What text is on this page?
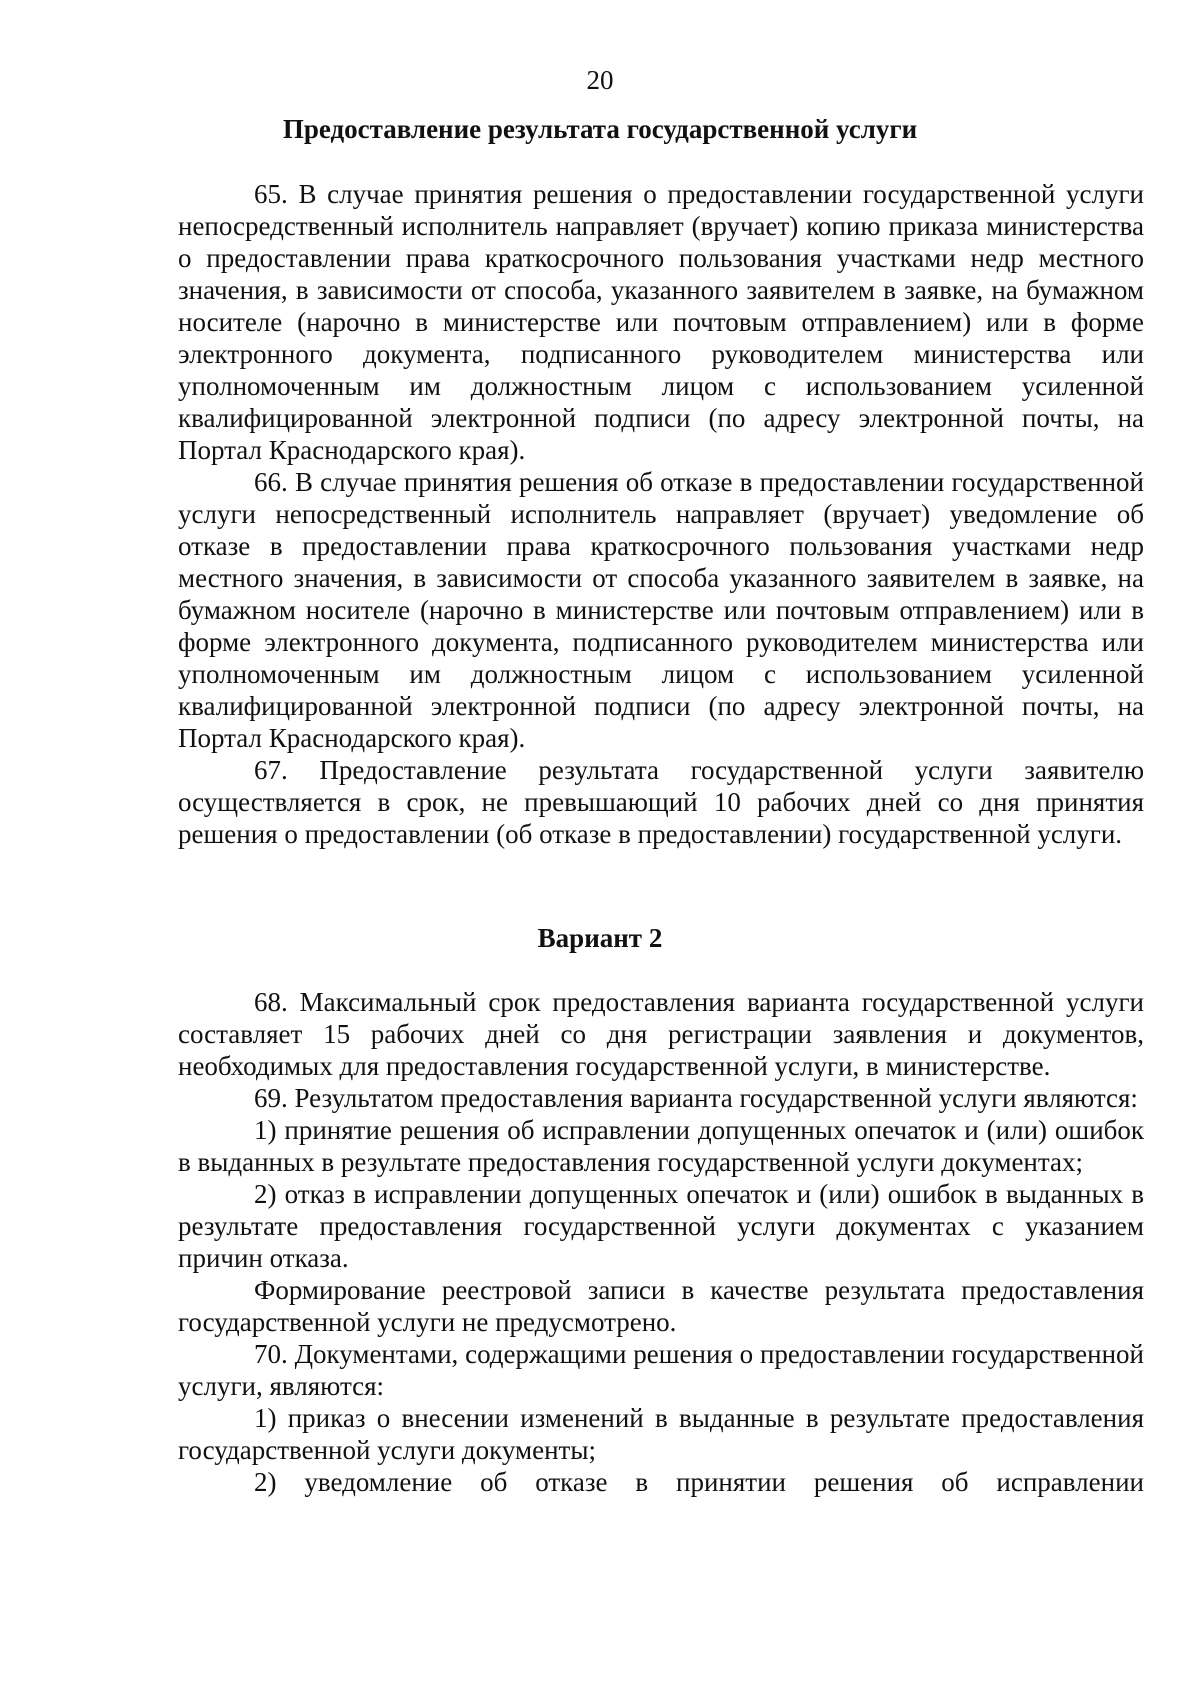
20
Предоставление результата государственной услуги

65. В случае принятия решения о предоставлении государственной услуги непосредственный исполнитель направляет (вручает) копию приказа министерства о предоставлении права краткосрочного пользования участками недр местного значения, в зависимости от способа, указанного заявителем в заявке, на бумажном носителе (нарочно в министерстве или почтовым отправлением) или в форме электронного документа, подписанного руководителем министерства или уполномоченным им должностным лицом с использованием усиленной квалифицированной электронной подписи (по адресу электронной почты, на Портал Краснодарского края).

66. В случае принятия решения об отказе в предоставлении государственной услуги непосредственный исполнитель направляет (вручает) уведомление об отказе в предоставлении права краткосрочного пользования участками недр местного значения, в зависимости от способа указанного заявителем в заявке, на бумажном носителе (нарочно в министерстве или почтовым отправлением) или в форме электронного документа, подписанного руководителем министерства или уполномоченным им должностным лицом с использованием усиленной квалифицированной электронной подписи (по адресу электронной почты, на Портал Краснодарского края).

67. Предоставление результата государственной услуги заявителю осуществляется в срок, не превышающий 10 рабочих дней со дня принятия решения о предоставлении (об отказе в предоставлении) государственной услуги.

Вариант 2

68. Максимальный срок предоставления варианта государственной услуги составляет 15 рабочих дней со дня регистрации заявления и документов, необходимых для предоставления государственной услуги, в министерстве.

69. Результатом предоставления варианта государственной услуги являются:

1) принятие решения об исправлении допущенных опечаток и (или) ошибок в выданных в результате предоставления государственной услуги документах;

2) отказ в исправлении допущенных опечаток и (или) ошибок в выданных в результате предоставления государственной услуги документах с указанием причин отказа.

Формирование реестровой записи в качестве результата предоставления государственной услуги не предусмотрено.

70. Документами, содержащими решения о предоставлении государственной услуги, являются:

1) приказ о внесении изменений в выданные в результате предоставления государственной услуги документы;

2) уведомление об отказе в принятии решения об исправлении
